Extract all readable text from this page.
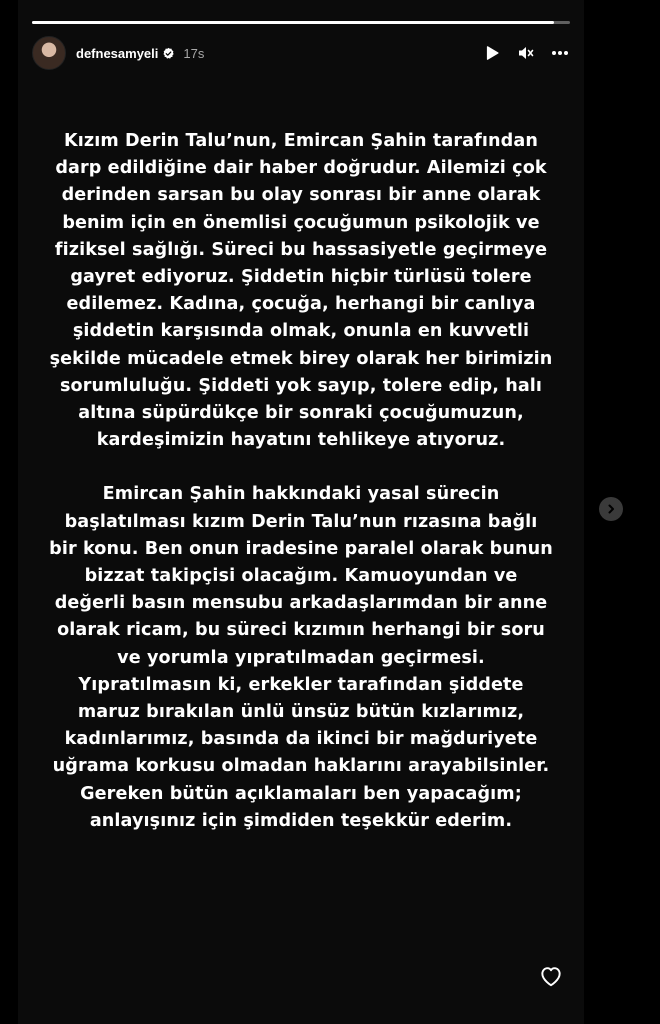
defnesamyeli 17s
Kızım Derin Talu’nun, Emircan Şahin tarafından
darp edildiğine dair haber doğrudur. Ailemizi çok
derinden sarsan bu olay sonrası bir anne olarak
benim için en önemlisi çocuğumun psikolojik ve
fiziksel sağlığı. Süreci bu hassasiyetle geçirmeye
gayret ediyoruz. Şiddetin hiçbir türlüsü tolere
edilemez. Kadına, çocuğa, herhangi bir canlıya
şiddetin karşısında olmak, onunla en kuvvetli
şekilde mücadele etmek birey olarak her birimizin
sorumluluğu. Şiddeti yok sayıp, tolere edip, halı
altına süpürdükçe bir sonraki çocuğumuzun,
kardeşimizin hayatını tehlikeye atıyoruz.
Emircan Şahin hakkındaki yasal sürecin
başlatılması kızım Derin Talu’nun rızasına bağlı
bir konu. Ben onun iradesine paralel olarak bunun
bizzat takipçisi olacağım. Kamuoyundan ve
değerli basın mensubu arkadaşlarımdan bir anne
olarak ricam, bu süreci kızımın herhangi bir soru
ve yorumla yıpratılmadan geçirmesi.
Yıpratılmasın ki, erkekler tarafından şiddete
maruz bırakılan ünlü ünsüz bütün kızlarımız,
kadınlarımız, basında da ikinci bir mağduriyete
uğrama korkusu olmadan haklarını arayabilsinler.
Gereken bütün açıklamaları ben yapacağım;
anlayışınız için şimdiden teşekkür ederim.
